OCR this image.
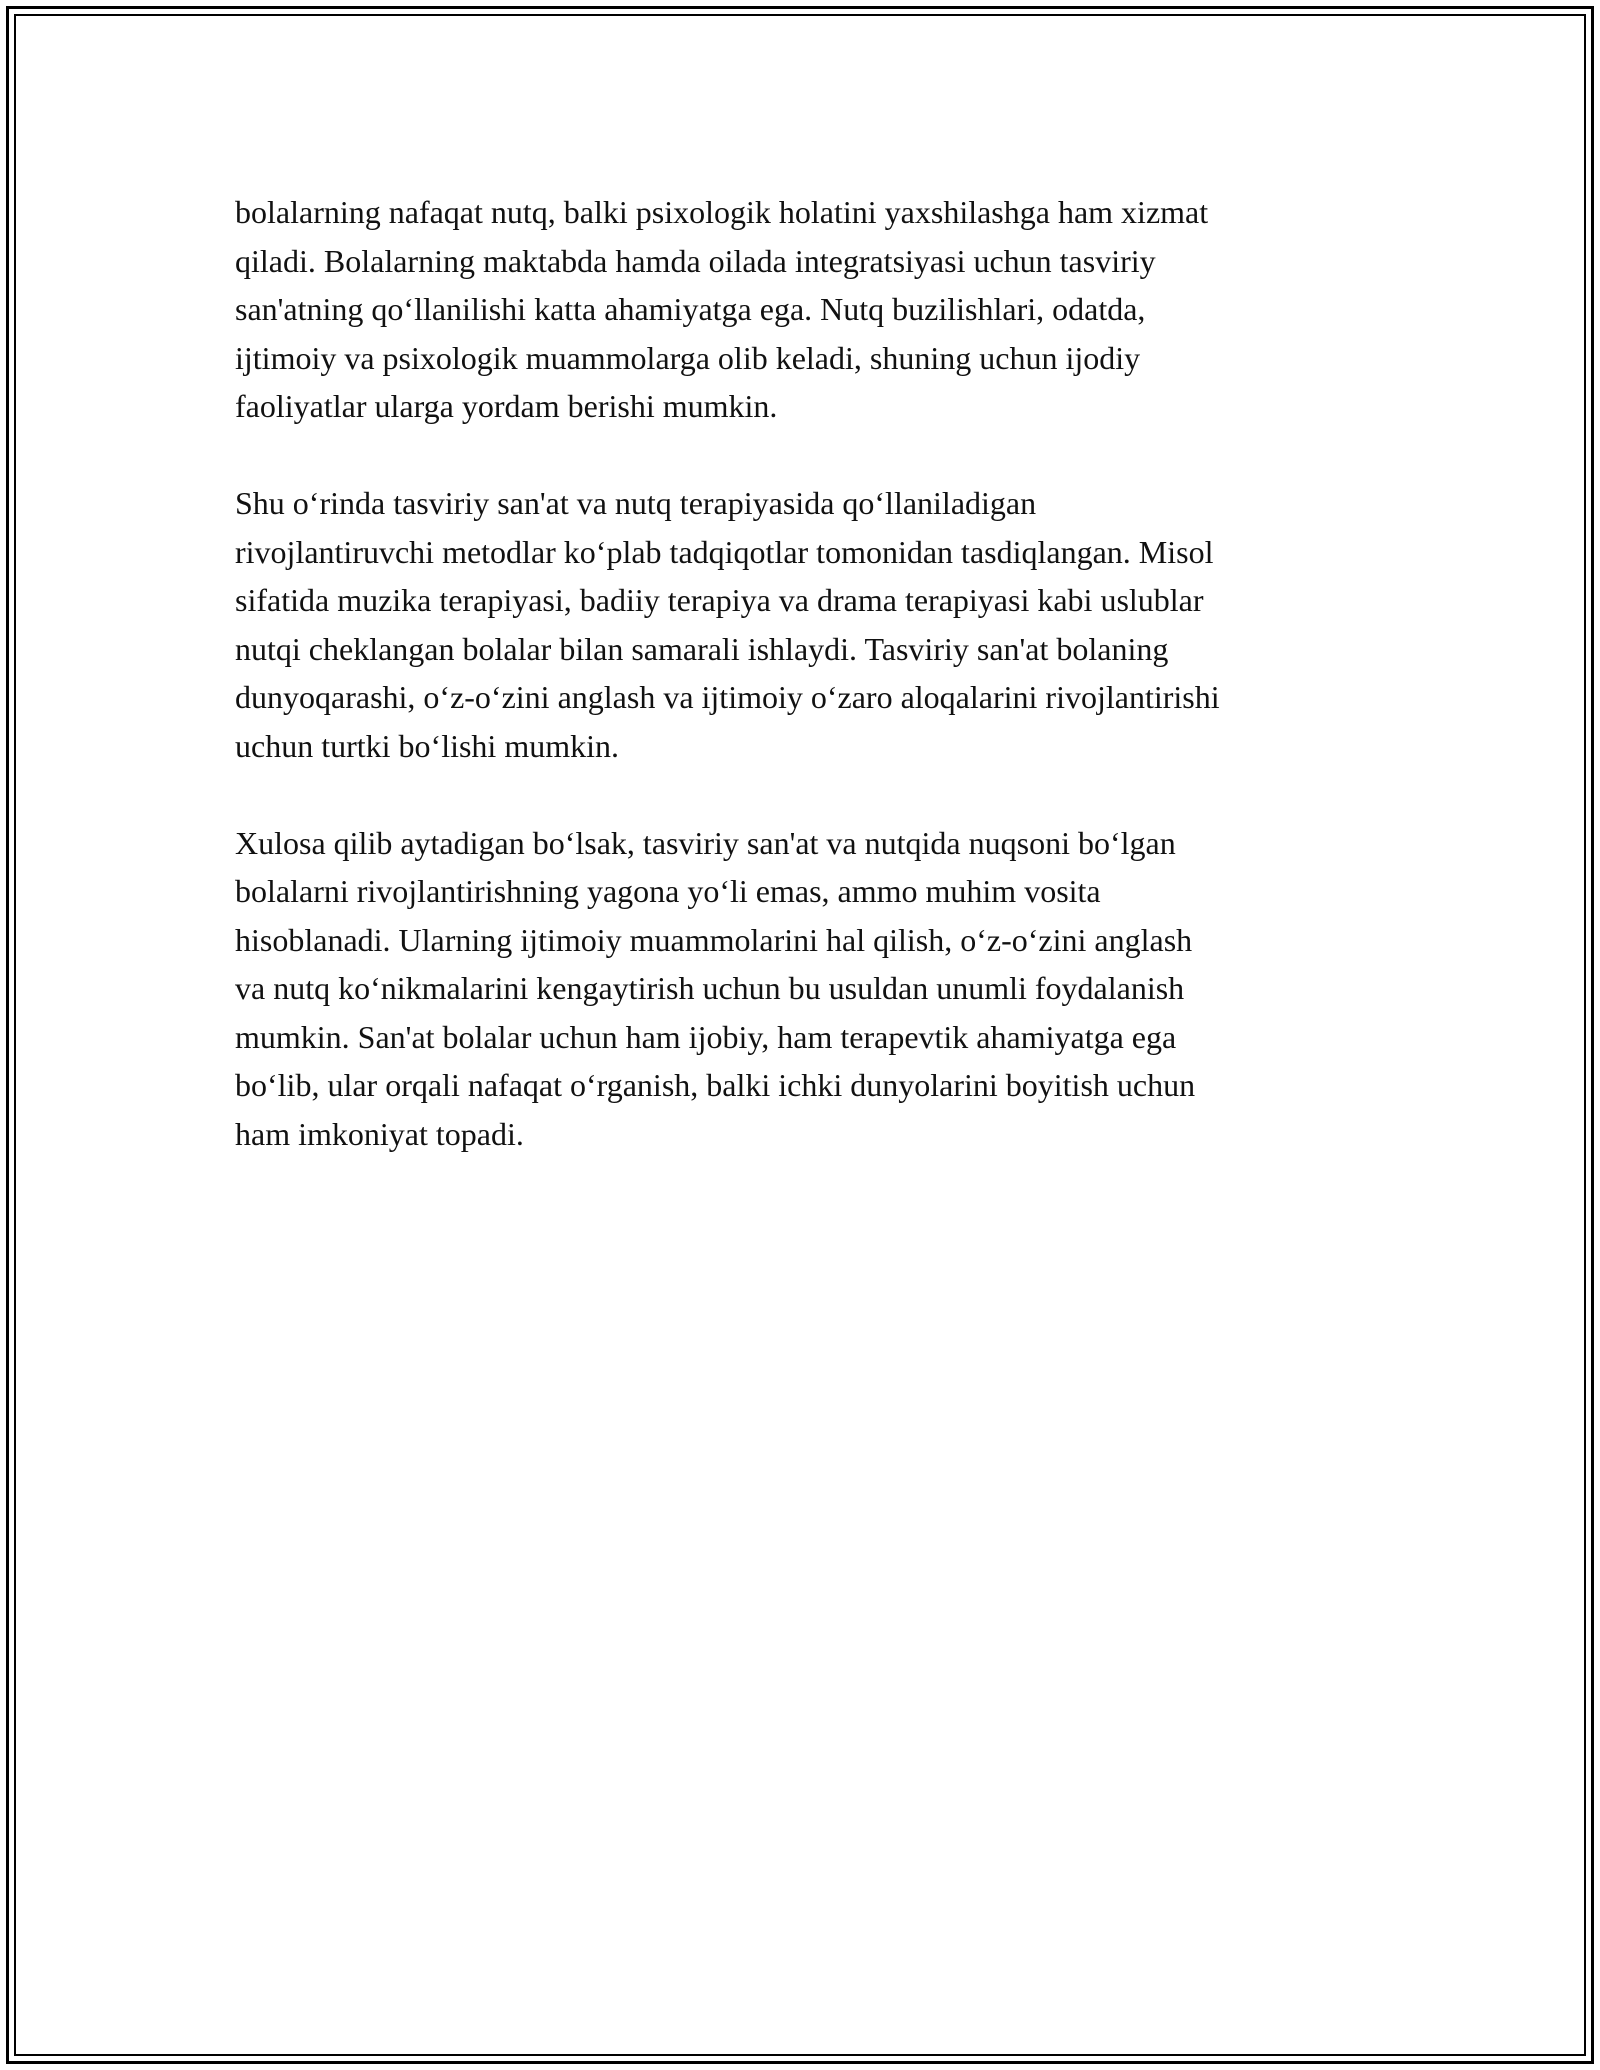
bolalarning nafaqat nutq, balki psixologik holatini yaxshilashga ham xizmat
qiladi. Bolalarning maktabda hamda oilada integratsiyasi uchun tasviriy
san'atning qo‘llanilishi katta ahamiyatga ega. Nutq buzilishlari, odatda,
ijtimoiy va psixologik muammolarga olib keladi, shuning uchun ijodiy
faoliyatlar ularga yordam berishi mumkin.

Shu o‘rinda tasviriy san'at va nutq terapiyasida qo‘llaniladigan
rivojlantiruvchi metodlar ko‘plab tadqiqotlar tomonidan tasdiqlangan. Misol
sifatida muzika terapiyasi, badiiy terapiya va drama terapiyasi kabi uslublar
nutqi cheklangan bolalar bilan samarali ishlaydi. Tasviriy san'at bolaning
dunyoqarashi, o‘z-o‘zini anglash va ijtimoiy o‘zaro aloqalarini rivojlantirishi
uchun turtki bo‘lishi mumkin.

Xulosa qilib aytadigan bo‘lsak, tasviriy san'at va nutqida nuqsoni bo‘lgan
bolalarni rivojlantirishning yagona yo‘li emas, ammo muhim vosita
hisoblanadi. Ularning ijtimoiy muammolarini hal qilish, o‘z-o‘zini anglash
va nutq ko‘nikmalarini kengaytirish uchun bu usuldan unumli foydalanish
mumkin. San'at bolalar uchun ham ijobiy, ham terapevtik ahamiyatga ega
bo‘lib, ular orqali nafaqat o‘rganish, balki ichki dunyolarini boyitish uchun
ham imkoniyat topadi.
